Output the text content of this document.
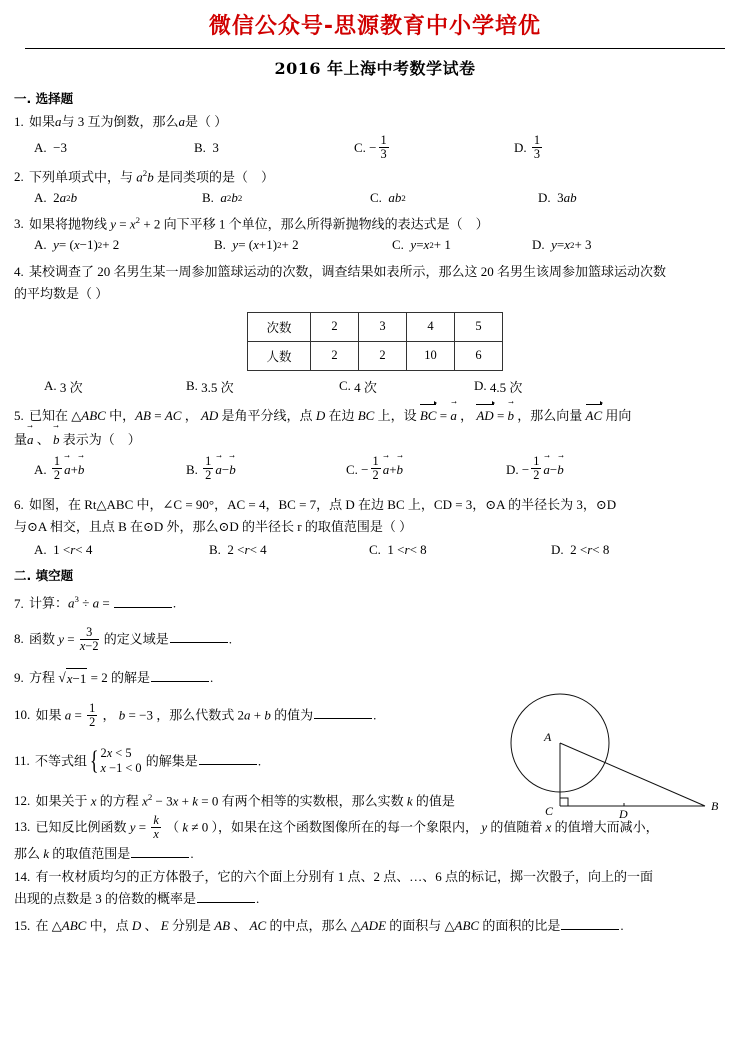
微信公众号-思源教育中小学培优
2016 年上海中考数学试卷
一. 选择题
1. 如果a与 3 互为倒数，那么a是（ ）
A. −3	B. 3	C. − $\frac{1}{3}$	D.
$\frac{1}{3}$
2. 下列单项式中，与 $a^2b$ 是同类项的是（    ）
A. 2 a 2 b	B.
a 2 b 2	C.
ab 2	D. 3 ab
3. 如果将抛物线 $y = x^2 + 2$ 向下平移 1 个单位，那么所得新抛物线的表达式是（    ）
A.
y = ( x −1) 2 + 2	B.
y = ( x +1) 2 + 2	C.
y = x 2 + 1	D.
y = x 2 + 3
4. 某校调查了 20 名男生某一周参加篮球运动的次数，调查结果如表所示，那么这 20 名男生该周参加篮球运动次数
的平均数是（ ）
次数	2	3	4	5
人数	2	2	10	6
A. 3 次	B. 3.5 次	C. 4 次	D. 4.5 次
5. 已知在 △ABC 中，AB = AC ， AD 是角平分线，点 D 在边 BC 上，设 BC = → a ， AD = → b ，那么向量 AC 用向
量→ a 、 → b 表示为（    ）
A.
$\frac{1}{2} \to a$ + → b	B.
$\frac{1}{2} \to a$ − → b	C. − $\frac{1}{2} \to a$ + → b	D. − $\frac{1}{2} \to a$ − → b
6. 如图，在 Rt△ABC 中，∠C = 90°，AC = 4，BC = 7，点 D 在边 BC 上，CD = 3，⊙A 的半径长为 3，⊙D
与⊙A 相交，且点 B 在⊙D 外，那么⊙D 的半径长 r 的取值范围是（ ）
A. 1 < r < 4	B. 2 < r < 4	C. 1 < r < 8	D. 2 < r < 8
二. 填空题
7. 计算：$a^3 \div a$ =	.
8. 函数 $y = \frac{3}{x-2}$ 的定义域是	.
9. 方程 √ x−1 = 2 的解是	.
10. 如果 $a = \frac{1}{2}$ ， b = −3 ，那么代数式 2a + b 的值为	.
11. 不等式组 { 2x < 5
x −1 < 0
的解集是	.
12. 如果关于 x 的方程 $x^2 - 3x + k = 0$ 有两个相等的实数根，那么实数 k 的值是
13. 已知反比例函数 $y = \frac{k}{x}$ （ k ≠ 0 ），如果在这个函数图像所在的每一个象限内， y 的值随着 x 的值增大而减小，
那么 k 的取值范围是	.
14. 有一枚材质均匀的正方体骰子，它的六个面上分别有 1 点、2 点、…、6 点的标记，掷一次骰子，向上的一面
出现的点数是 3 的倍数的概率是	.
15. 在 △ABC 中，点 D 、 E 分别是 AB 、 AC 的中点，那么 △ADE 的面积与 △ABC 的面积的比是	.
A
B
C	D
